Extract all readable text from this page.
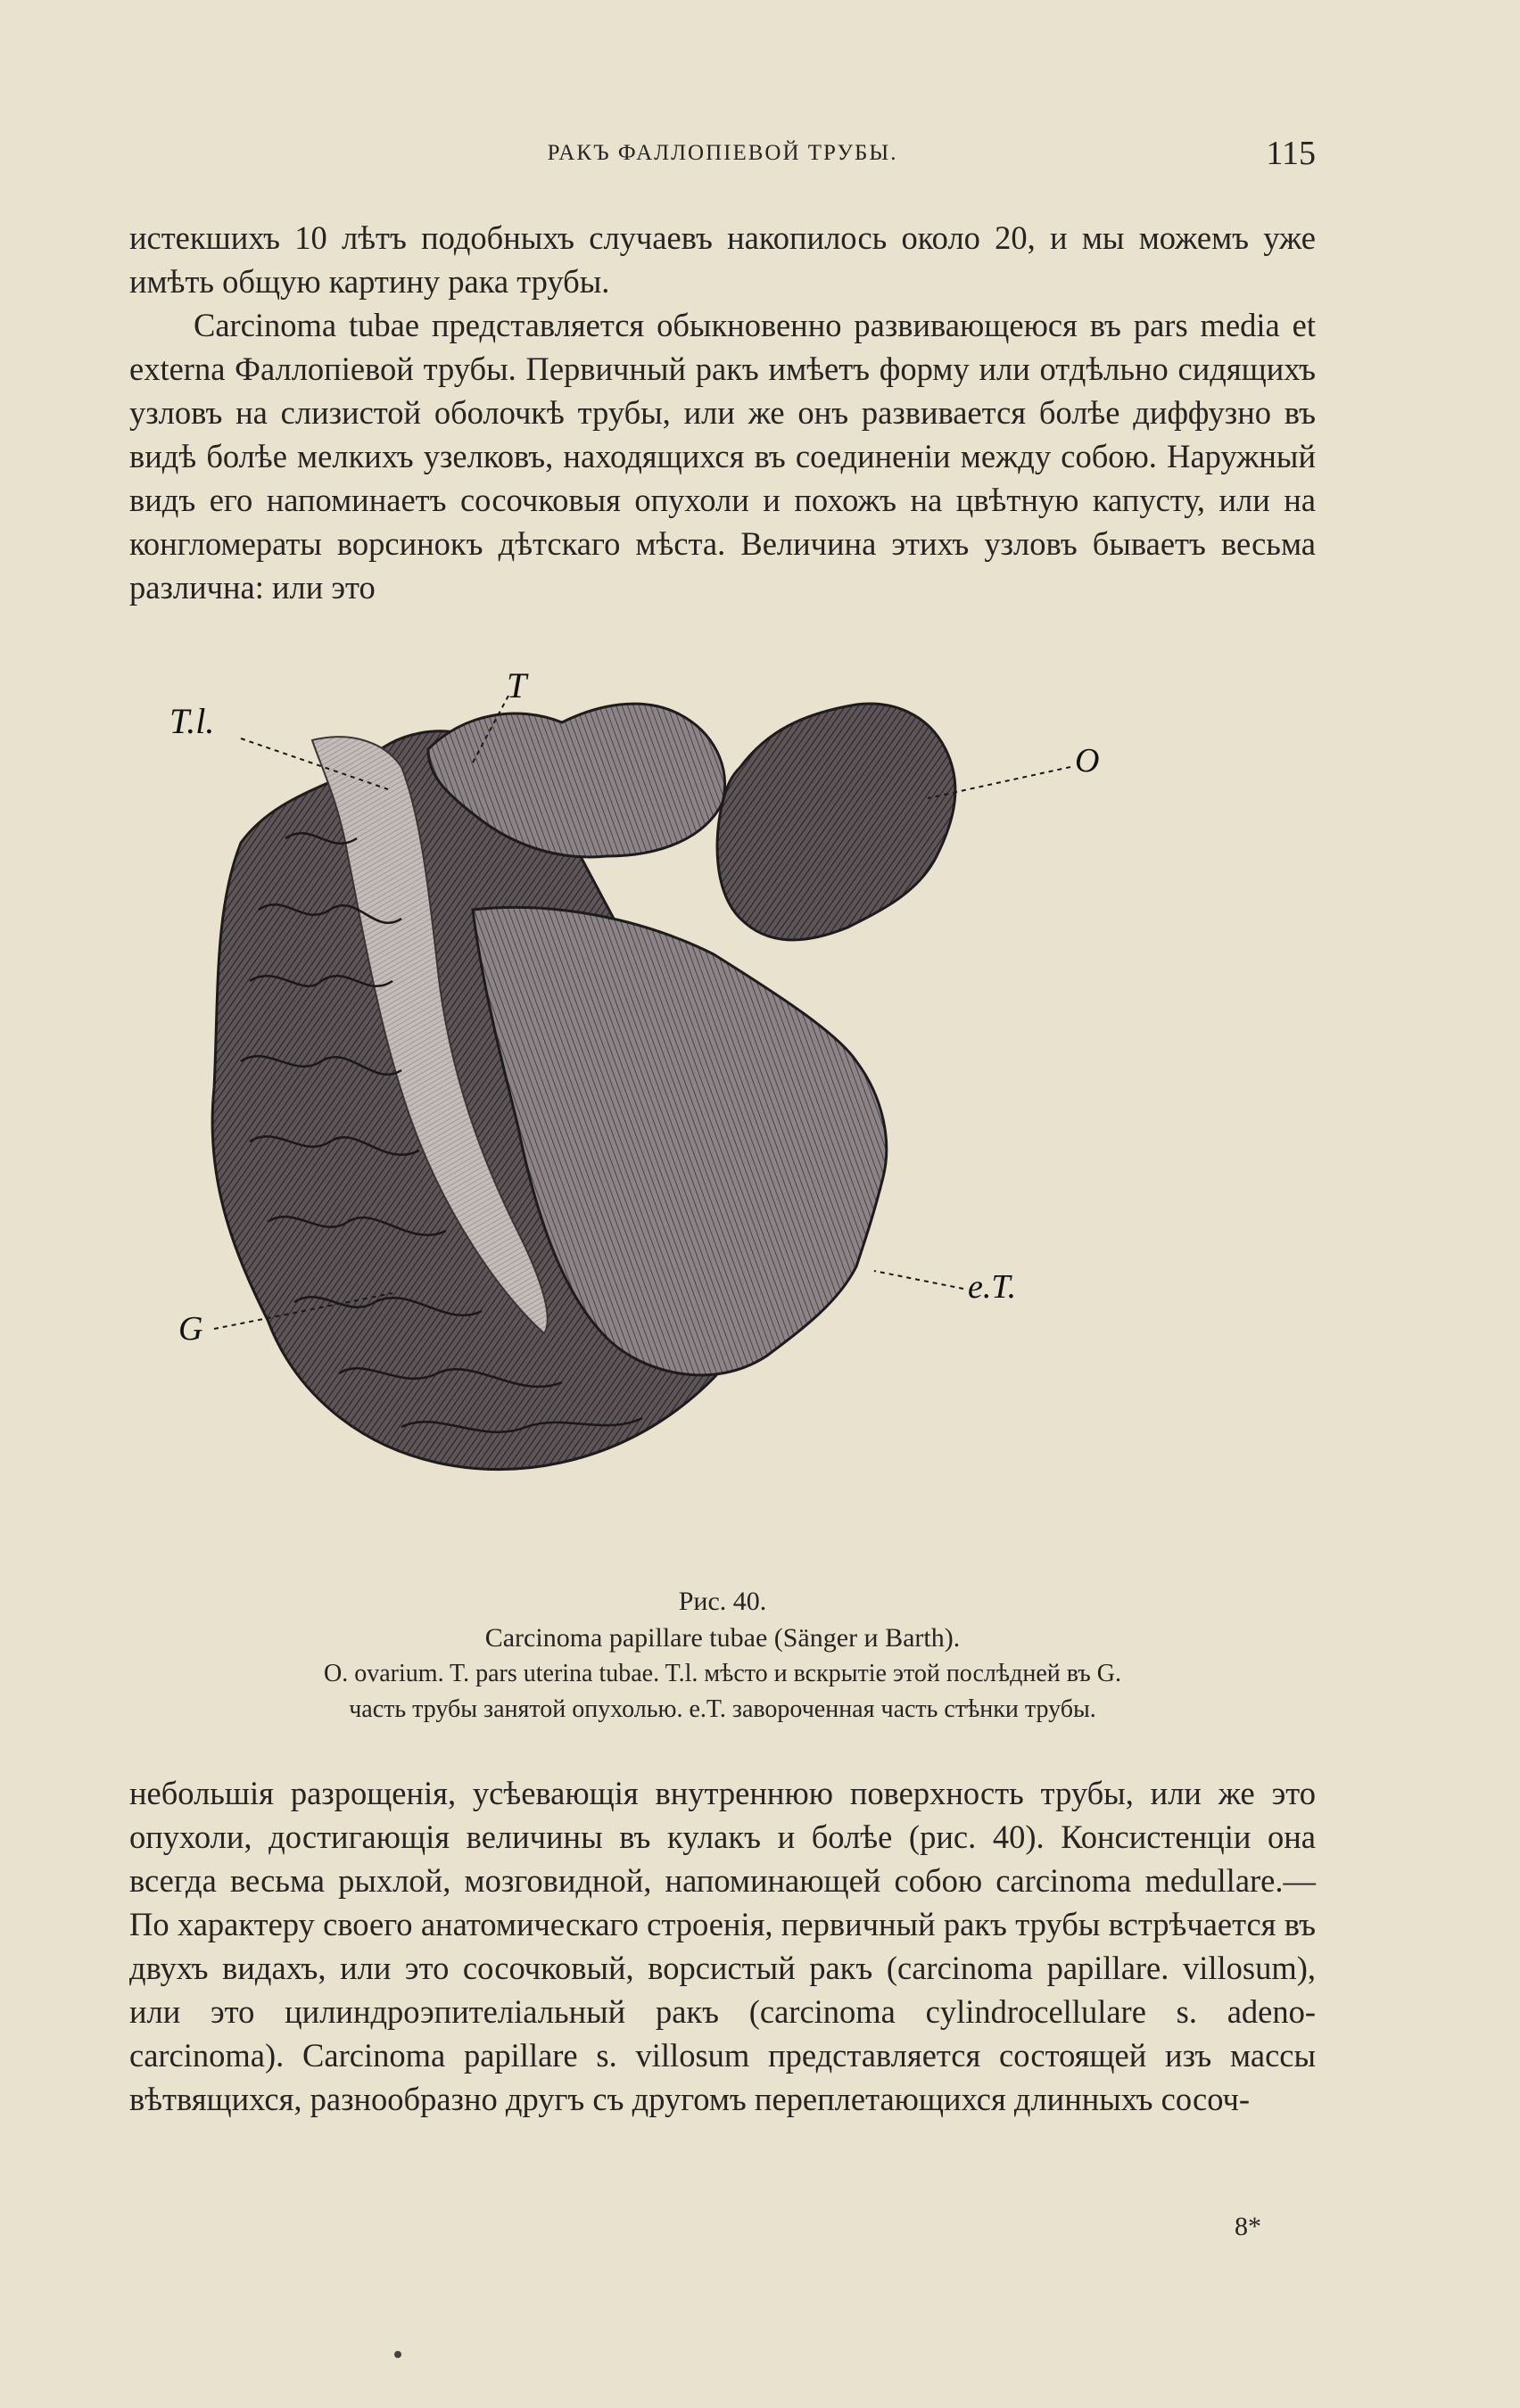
РАКЪ ФАЛЛОПІЕВОЙ ТРУБЫ.	115

истекшихъ 10 лѣтъ подобныхъ случаевъ накопилось около 20, и мы можемъ уже имѣть общую картину рака трубы.

Carcinoma tubae представляется обыкновенно развивающеюся въ pars media et externa Фаллопіевой трубы. Первичный ракъ имѣетъ форму или отдѣльно сидящихъ узловъ на слизистой оболочкѣ трубы, или же онъ развивается болѣе диффузно въ видѣ болѣе мелкихъ узелковъ, находящихся въ соединеніи между собою. Наружный видъ его напоминаетъ сосочковыя опухоли и похожъ на цвѣтную капусту, или на конгломераты ворсинокъ дѣтскаго мѣста. Величина этихъ узловъ бываетъ весьма различна: или это

T.l.
T
O
e.T.
G
Рис. 40.
Carcinoma papillare tubae (Sänger и Barth).
O. ovarium. T. pars uterina tubae. T.l. мѣсто и вскрытіе этой послѣдней въ G.
часть трубы занятой опухолью. e.T. завороченная часть стѣнки трубы.

небольшія разрощенія, усѣевающія внутреннюю поверхность трубы, или же это опухоли, достигающія величины въ кулакъ и болѣе (рис. 40). Консистенціи она всегда весьма рыхлой, мозговидной, напоминающей собою carcinoma medullare.—По характеру своего анатомическаго строенія, первичный ракъ трубы встрѣчается въ двухъ видахъ, или это сосочковый, ворсистый ракъ (carcinoma papillare. villosum), или это цилиндроэпителіальный ракъ (carcinoma cylindrocellulare s. adeno-carcinoma). Carcinoma papillare s. villosum представляется состоящей изъ массы вѣтвящихся, разнообразно другъ съ другомъ переплетающихся длинныхъ сосоч-

8*
